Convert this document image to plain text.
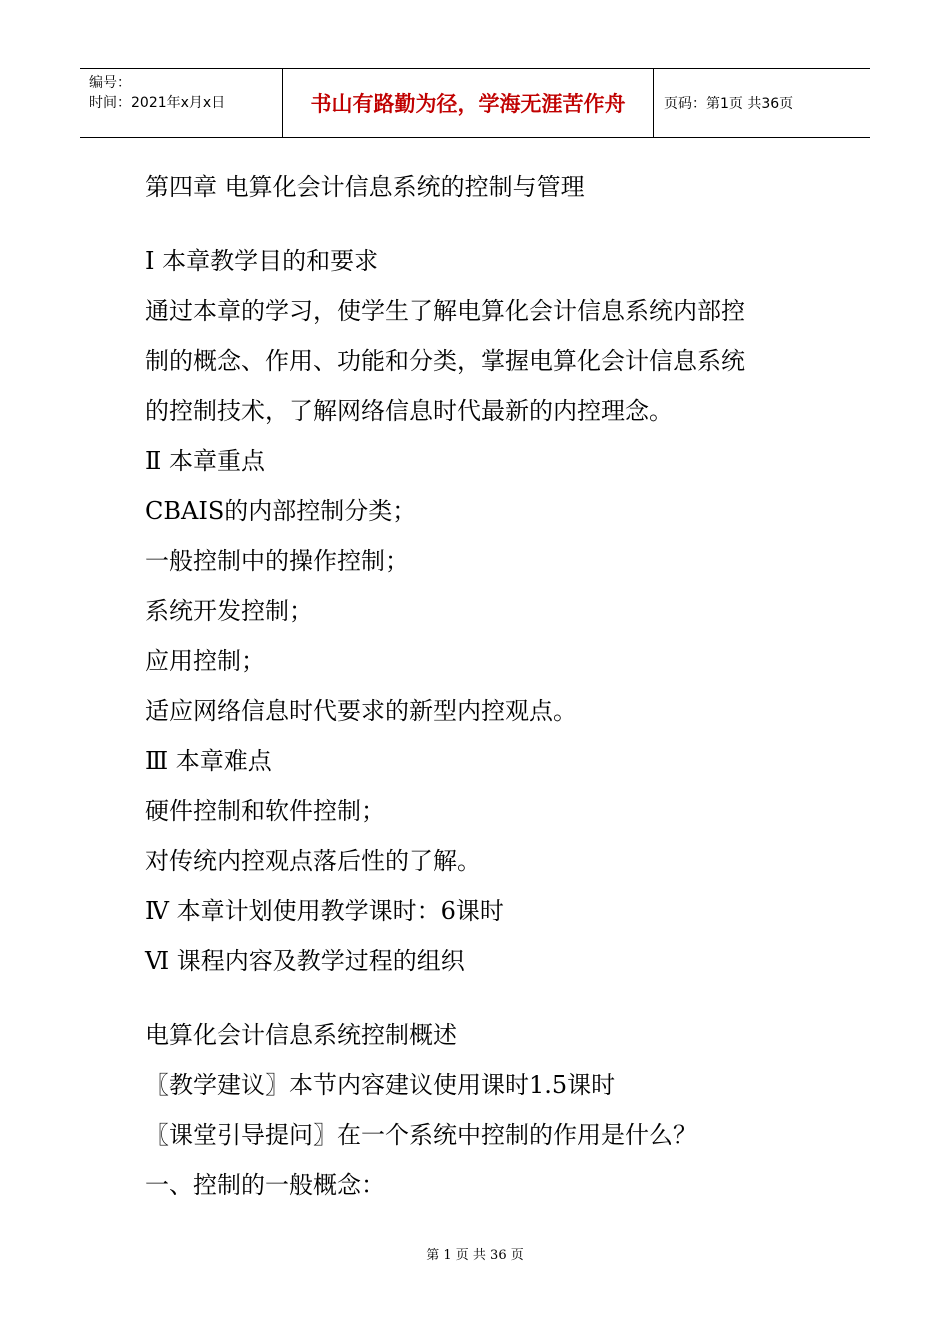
编号：
时间：2021年x月x日	书山有路勤为径，学海无涯苦作舟	页码：第1页 共36页
第四章 电算化会计信息系统的控制与管理
Ⅰ 本章教学目的和要求
通过本章的学习，使学生了解电算化会计信息系统内部控
制的概念、作用、功能和分类，掌握电算化会计信息系统
的控制技术，了解网络信息时代最新的内控理念。
Ⅱ 本章重点
CBAIS的内部控制分类；
一般控制中的操作控制；
系统开发控制；
应用控制；
适应网络信息时代要求的新型内控观点。
Ⅲ 本章难点
硬件控制和软件控制；
对传统内控观点落后性的了解。
Ⅳ 本章计划使用教学课时：6课时
Ⅵ 课程内容及教学过程的组织
电算化会计信息系统控制概述
〖教学建议〗本节内容建议使用课时1.5课时
〖课堂引导提问〗在一个系统中控制的作用是什么？
一、控制的一般概念：
第 1 页 共 36 页
